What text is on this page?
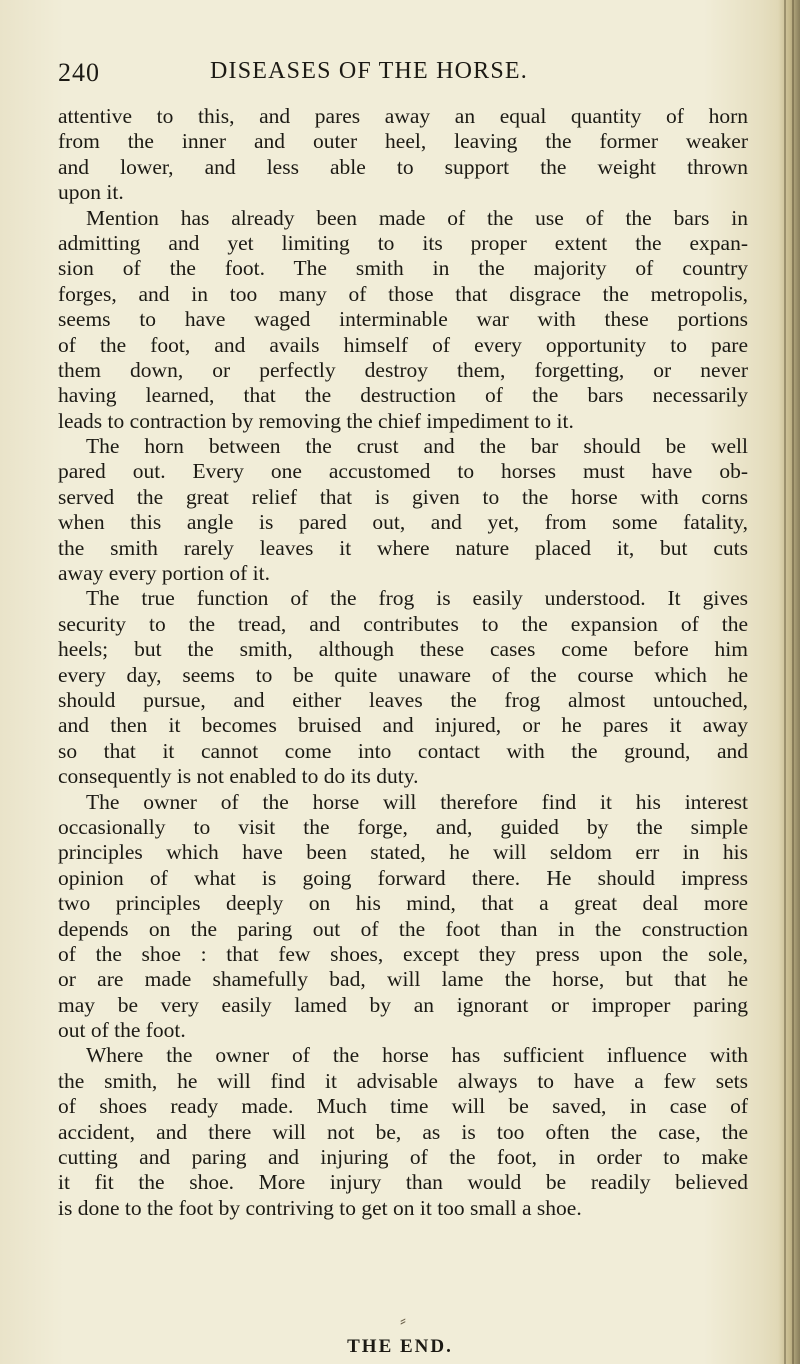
240	DISEASES OF THE HORSE.
attentive to this, and pares away an equal quantity of horn
from the inner and outer heel, leaving the former weaker
and lower, and less able to support the weight thrown
upon it.
Mention has already been made of the use of the bars in
admitting and yet limiting to its proper extent the expan-
sion of the foot. The smith in the majority of country
forges, and in too many of those that disgrace the metropolis,
seems to have waged interminable war with these portions
of the foot, and avails himself of every opportunity to pare
them down, or perfectly destroy them, forgetting, or never
having learned, that the destruction of the bars necessarily
leads to contraction by removing the chief impediment to it.
The horn between the crust and the bar should be well
pared out. Every one accustomed to horses must have ob-
served the great relief that is given to the horse with corns
when this angle is pared out, and yet, from some fatality,
the smith rarely leaves it where nature placed it, but cuts
away every portion of it.
The true function of the frog is easily understood. It gives
security to the tread, and contributes to the expansion of the
heels; but the smith, although these cases come before him
every day, seems to be quite unaware of the course which he
should pursue, and either leaves the frog almost untouched,
and then it becomes bruised and injured, or he pares it away
so that it cannot come into contact with the ground, and
consequently is not enabled to do its duty.
The owner of the horse will therefore find it his interest
occasionally to visit the forge, and, guided by the simple
principles which have been stated, he will seldom err in his
opinion of what is going forward there. He should impress
two principles deeply on his mind, that a great deal more
depends on the paring out of the foot than in the construction
of the shoe : that few shoes, except they press upon the sole,
or are made shamefully bad, will lame the horse, but that he
may be very easily lamed by an ignorant or improper paring
out of the foot.
Where the owner of the horse has sufficient influence with
the smith, he will find it advisable always to have a few sets
of shoes ready made. Much time will be saved, in case of
accident, and there will not be, as is too often the case, the
cutting and paring and injuring of the foot, in order to make
it fit the shoe. More injury than would be readily believed
is done to the foot by contriving to get on it too small a shoe.
⸗
THE END.
